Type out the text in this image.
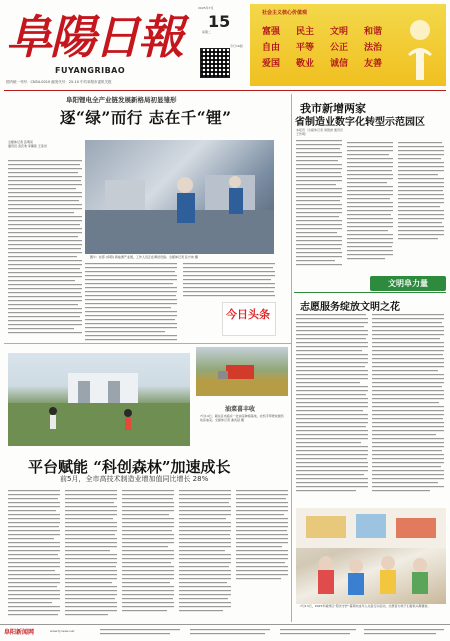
阜陽日報
FUYANGRIBAO
国内统一刊号：CN34-0010 邮发代号：25-10 中共阜阳市委机关报
2025年7月
星期二
今日16版
15	社会主义核心价值观
富强 民主 文明 和谐
自由 平等 公正 法治
爱国 敬业 诚信 友善
阜阳锂电全产业链发展新格局初显雏形
逐“绿”而行 志在千“锂”
全媒体记者 张明亮
通讯员 袁庆欢 李墨琼 王彦尧
图①：东部 (阜阳) 新能源产业园，工作人员正在调试设备。全媒体记者 张方伟 摄
我市新增两家
省制造业数字化转型示范园区
本报讯（全媒体记者 周胜洲 通讯员 王传明）
文明阜力量
志愿服务绽放文明之花
7月13日，2025年颍州区“阳光守护”暑期未成年人关爱行动启动，志愿者为孩子们提供兴趣课堂。
今日头条
油菜喜丰收
7月14日，颍东区冉庙乡一处油菜种植基地，农机手驾驶收割机收获油菜。全媒体记者 谢武斌 摄
平台赋能 “科创森林”加速成长
前5月，全市高技术制造业增加值同比增长 28%
阜阳新闻网	www.fynews.net
